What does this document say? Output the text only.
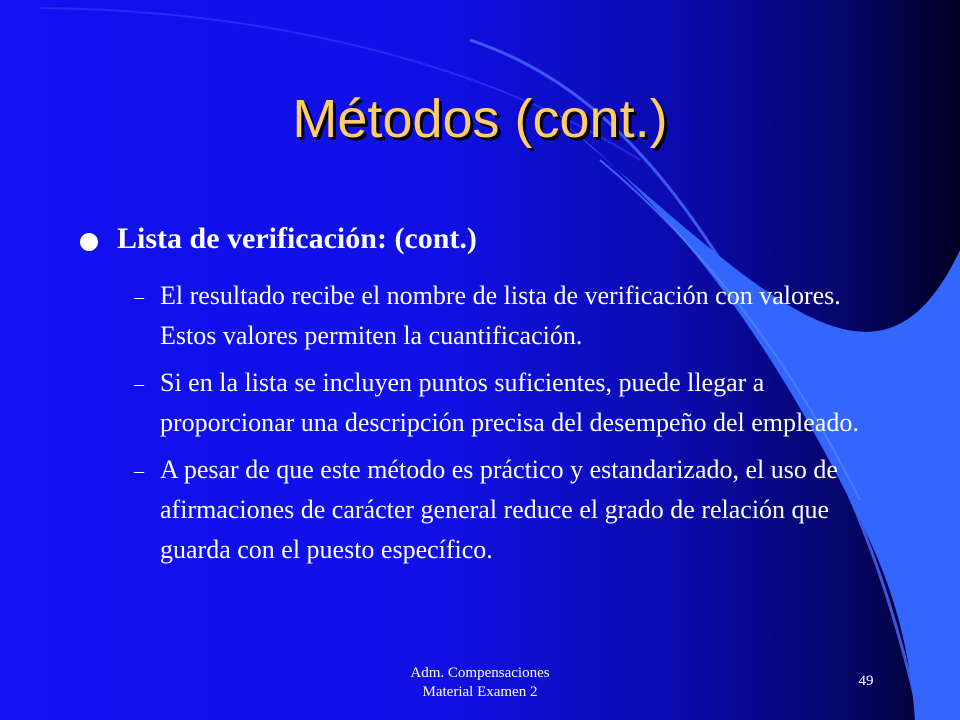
Métodos (cont.)
Lista de verificación: (cont.)
– El resultado recibe el nombre de lista de verificación con valores. Estos valores permiten la cuantificación.
– Si en la lista se incluyen puntos suficientes, puede llegar a proporcionar una descripción precisa del desempeño del empleado.
– A pesar de que este método es práctico y estandarizado, el uso de afirmaciones de carácter general reduce el grado de relación que guarda con el puesto específico.
Adm. Compensaciones
Material Examen 2
49
